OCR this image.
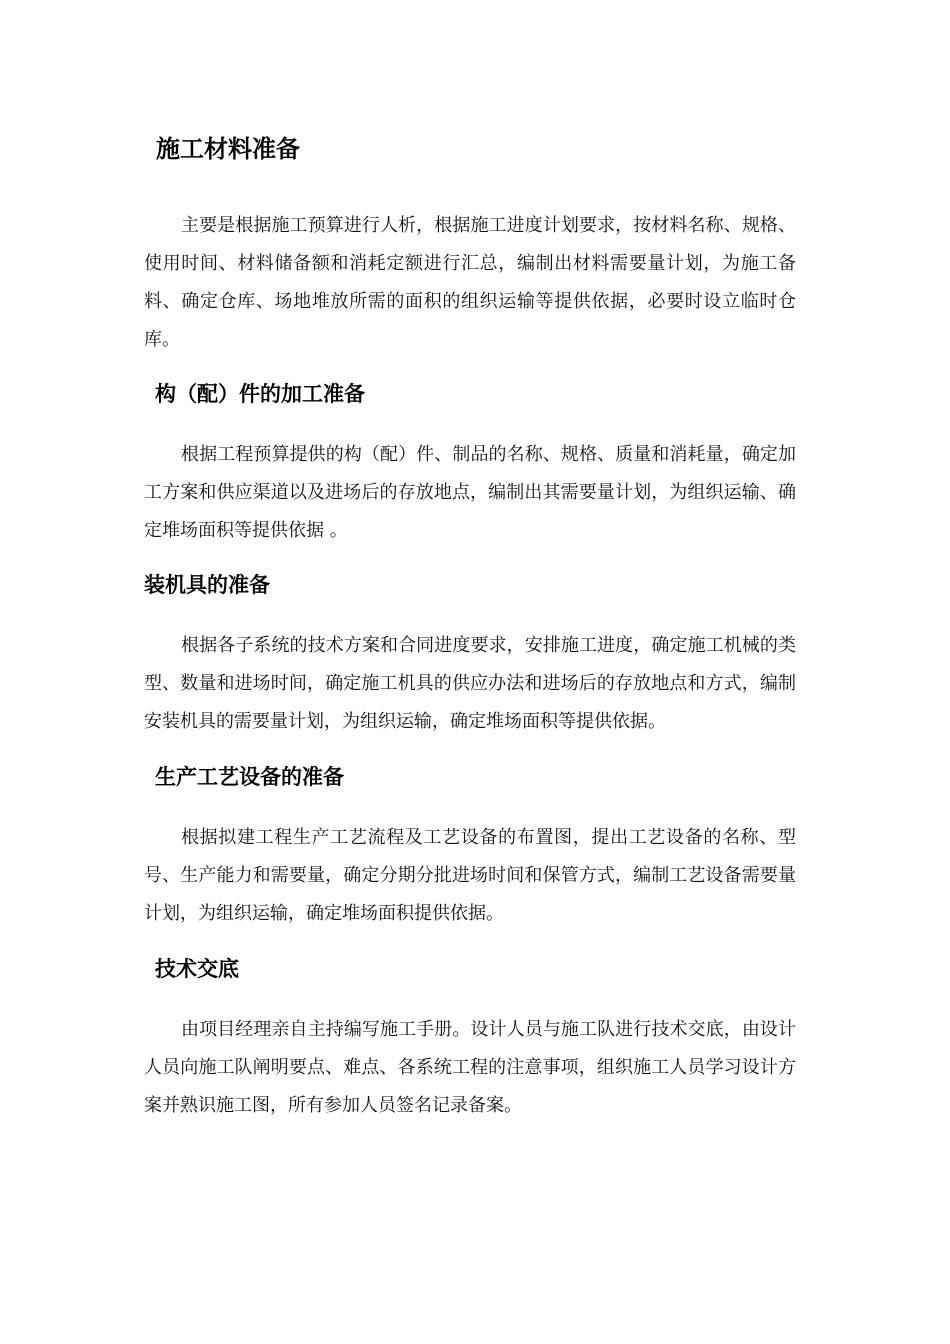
施工材料准备

主要是根据施工预算进行人析，根据施工进度计划要求，按材料名称、规格、使用时间、材料储备额和消耗定额进行汇总，编制出材料需要量计划，为施工备料、确定仓库、场地堆放所需的面积的组织运输等提供依据，必要时设立临时仓库。

构（配）件的加工准备

根据工程预算提供的构（配）件、制品的名称、规格、质量和消耗量，确定加工方案和供应渠道以及进场后的存放地点，编制出其需要量计划，为组织运输、确定堆场面积等提供依据 。

装机具的准备

根据各子系统的技术方案和合同进度要求，安排施工进度，确定施工机械的类型、数量和进场时间，确定施工机具的供应办法和进场后的存放地点和方式，编制安装机具的需要量计划，为组织运输，确定堆场面积等提供依据。

生产工艺设备的准备

根据拟建工程生产工艺流程及工艺设备的布置图，提出工艺设备的名称、型号、生产能力和需要量，确定分期分批进场时间和保管方式，编制工艺设备需要量计划，为组织运输，确定堆场面积提供依据。

技术交底

由项目经理亲自主持编写施工手册。设计人员与施工队进行技术交底，由设计人员向施工队阐明要点、难点、各系统工程的注意事项，组织施工人员学习设计方案并熟识施工图，所有参加人员签名记录备案。
